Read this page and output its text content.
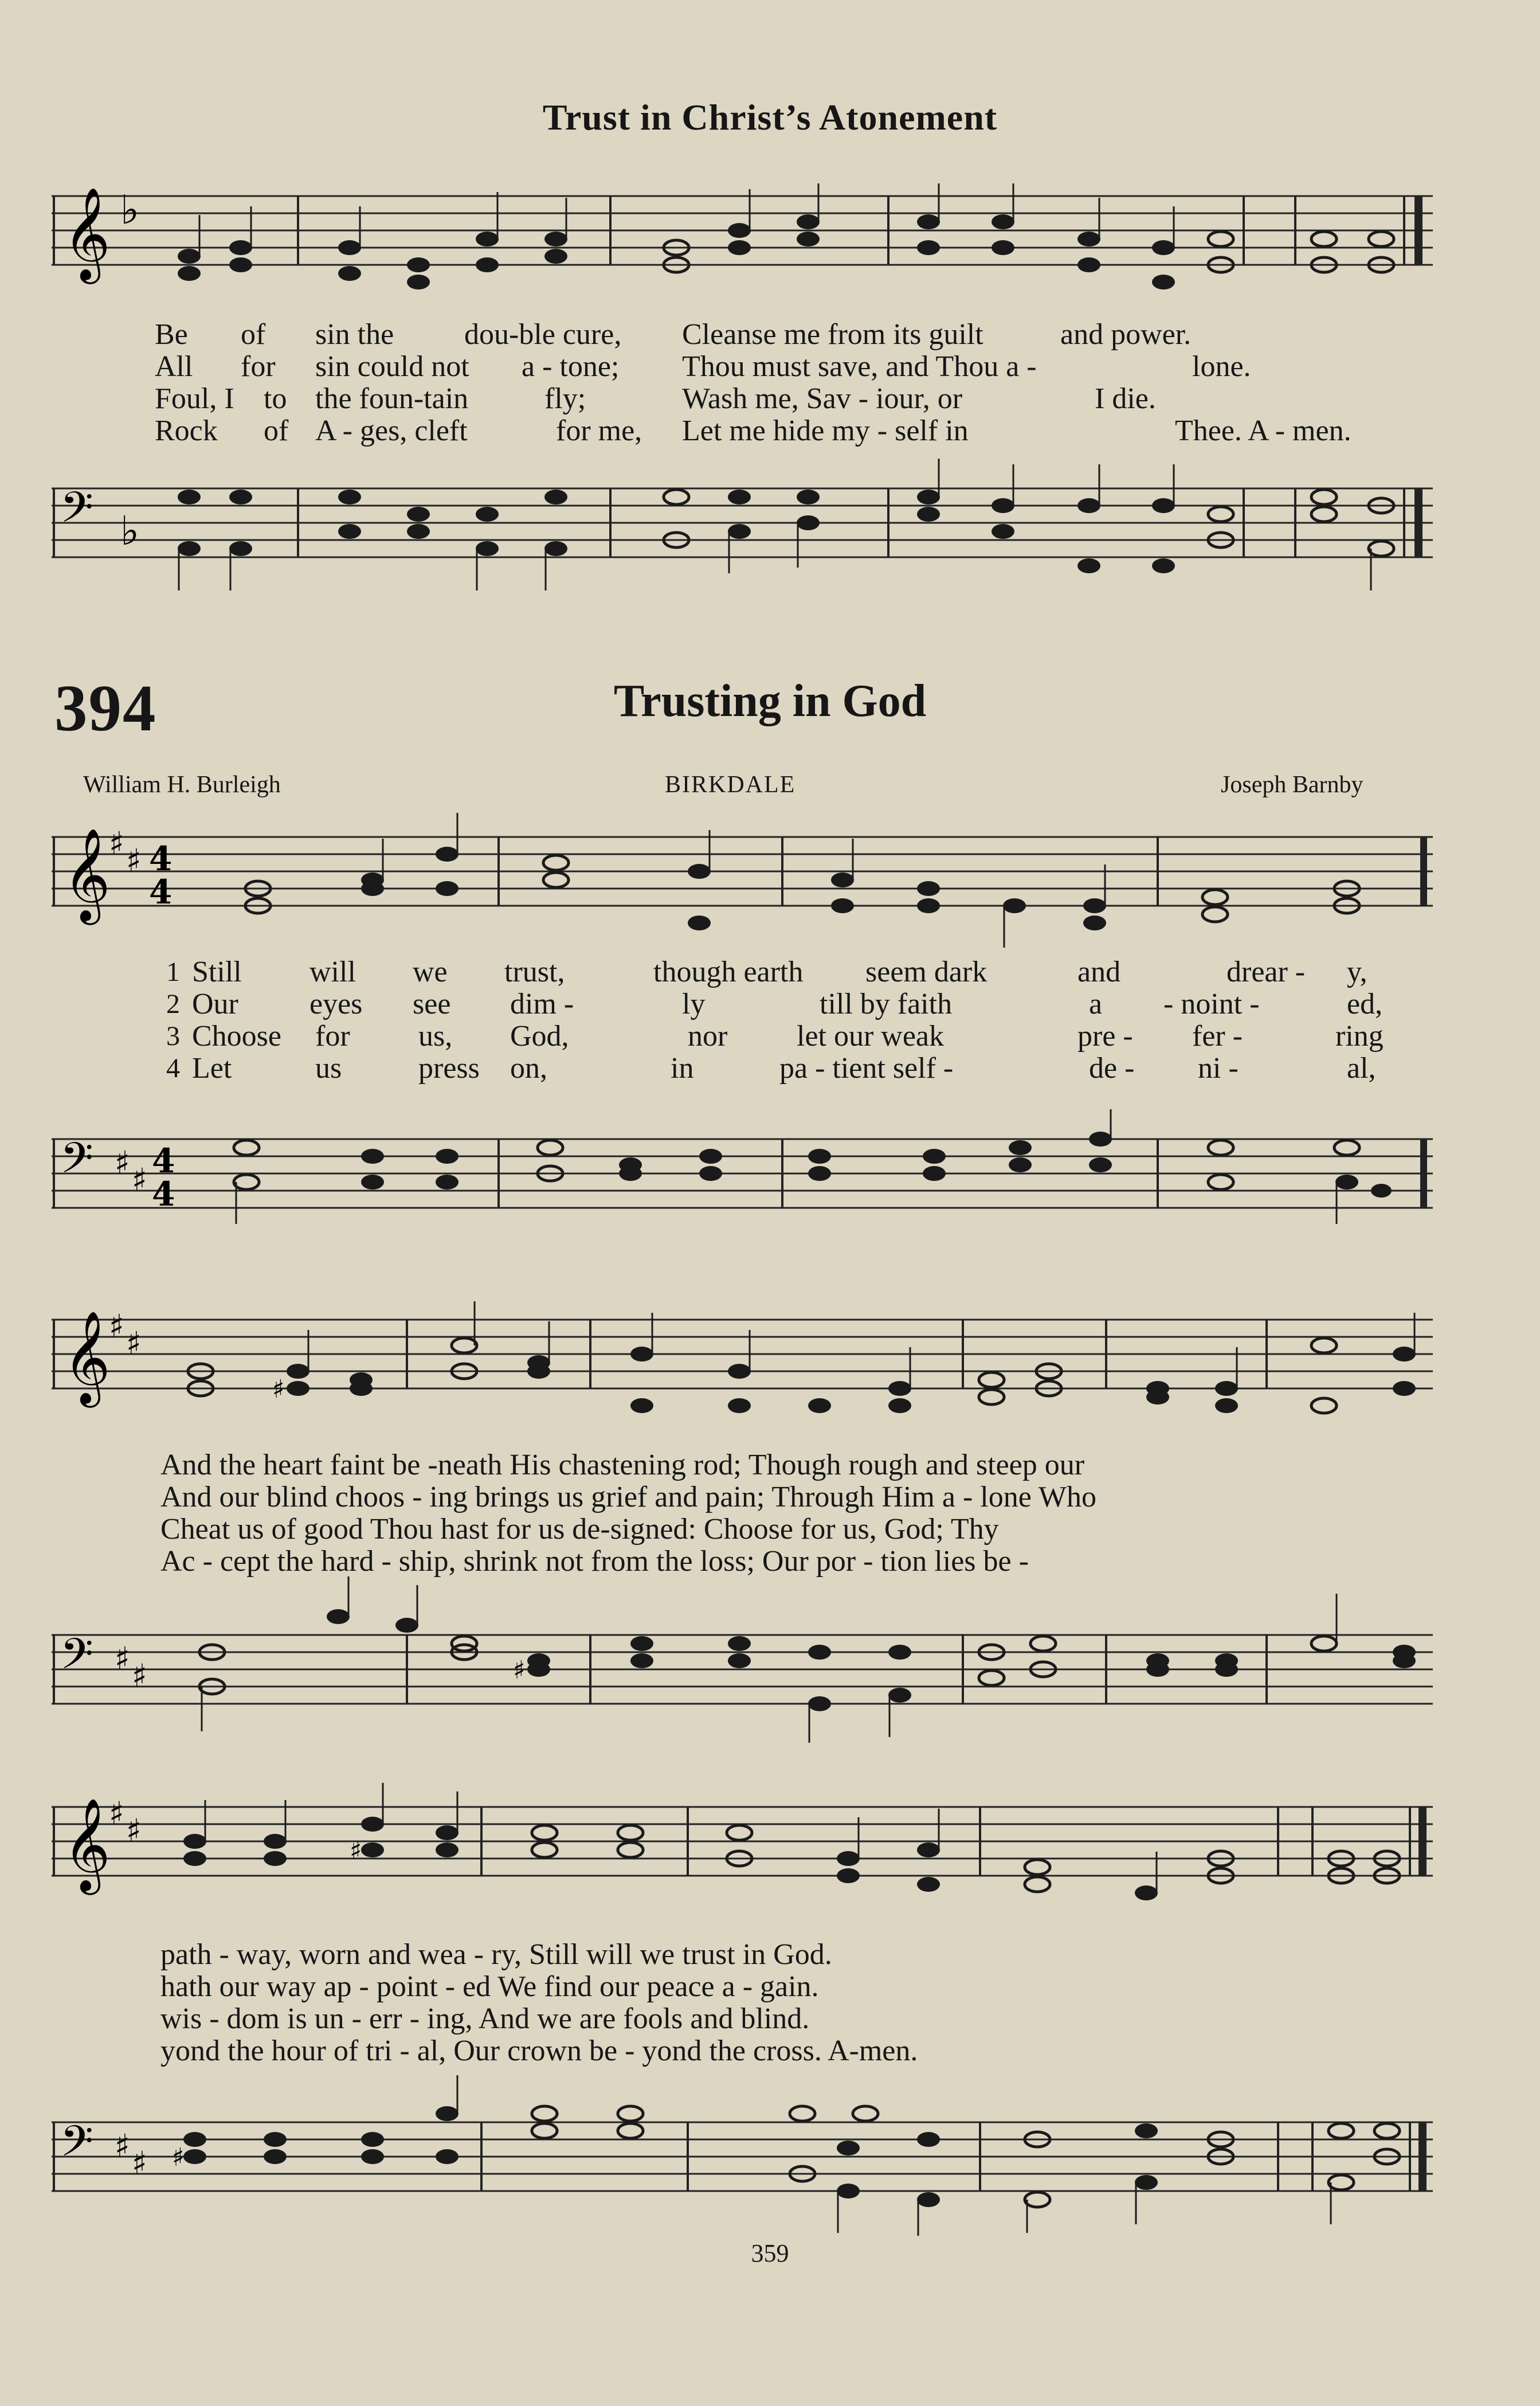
Trust in Christ’s Atonement
𝄞 ♭
Be of sin the dou-ble cure, Cleanse me from its guilt	and power.
All for sin could not a - tone; Thou must save, and Thou a -	lone.
Foul, I to the foun-tain	fly;	Wash me, Sav - iour, or	I die.
Rock of A - ges, cleft	for me, Let me hide my - self in	Thee. A - men.
𝄢 ♭
394	Trusting in God
William H. Burleigh	BIRKDALE	Joseph Barnby
𝄞
♯ ♯ 4
4
1 Still will we trust,	though earth seem dark	and	drear - y,
2 Our eyes see dim -	ly	till by faith	a - noint -	ed,
3 Choose for us, God,	nor let our weak	pre - fer -	ring
4 Let	us	press on,	in	pa - tient self -	de - ni -	al,
𝄢 ♯ ♯ 4
4
𝄞
♯ ♯
♯
And the heart faint be -neath His chastening rod; Though rough and steep our
And our blind choos - ing brings us grief and pain; Through Him a - lone Who
Cheat us of good Thou hast for us de-signed: Choose for us, God; Thy
Ac - cept the hard - ship, shrink not from the loss; Our por - tion lies be -
𝄢 ♯ ♯	♯
𝄞
♯ ♯
♯
path - way, worn and wea - ry, Still will we trust in God.
hath our way ap - point - ed We find our peace a - gain.
wis - dom is un - err - ing, And we are fools and blind.
yond the hour of tri - al, Our crown be - yond the cross. A-men.
𝄢 ♯ ♯ ♯
359
